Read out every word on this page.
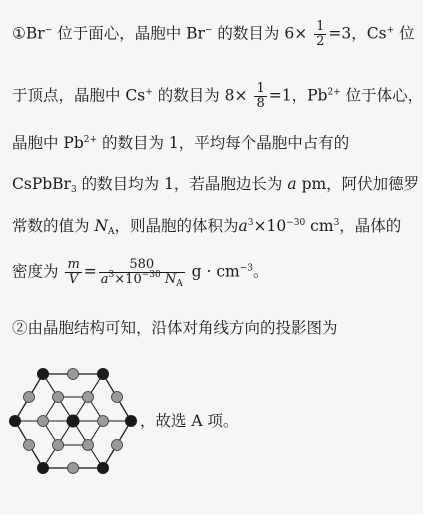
①Br− 位于面心，晶胞中 Br− 的数目为 $6\times \frac{1}{2} =3$，Cs+ 位
于顶点，晶胞中 Cs+ 的数目为 $8\times \frac{1}{8} =1$，$Pb^{2+}$ 位于体心，
晶胞中 $Pb^{2+}$ 的数目为 1，平均每个晶胞中占有的
CsPbBr$_3$ 的数目均为 1，若晶胞边长为 a pm，阿伏加德罗
常数的值为 $N_A$，则晶胞的体积为$a^3\times 10^{-30}$ $cm^3$，晶体的
密度为 $\frac{m}{V} = \frac{580}{a^3\times 10^{-30} N_A}$ $g \cdot cm^{-3}$。
②由晶胞结构可知，沿体对角线方向的投影图为
，故选 A 项。
